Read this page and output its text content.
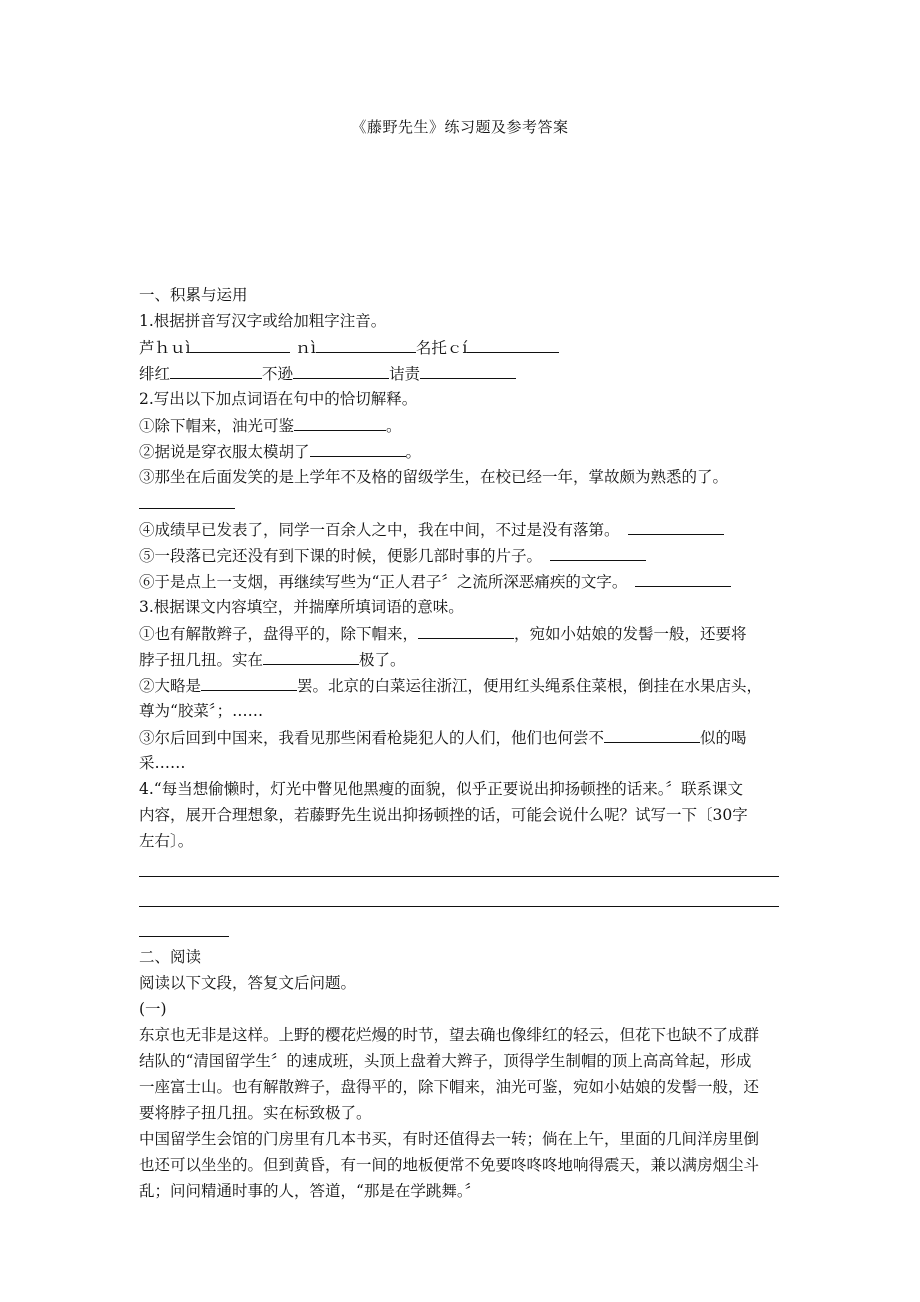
《藤野先生》练习题及参考答案
一、积累与运用
1.根据拼音写汉字或给加粗字注音。
芦ｈｕì	ｎì	名托ｃí
绯红	不逊	诘责
2.写出以下加点词语在句中的恰切解释。
①除下帽来，油光可鉴	。
②据说是穿衣服太模胡了	。
③那坐在后面发笑的是上学年不及格的留级学生，在校已经一年，掌故颇为熟悉的了。
④成绩早已发表了，同学一百余人之中，我在中间，不过是没有落第。
⑤一段落已完还没有到下课的时候，便影几部时事的片子。
⑥于是点上一支烟，再继续写些为“正人君子〞之流所深恶痛疾的文字。
3.根据课文内容填空，并揣摩所填词语的意味。
①也有解散辫子，盘得平的，除下帽来，	，宛如小姑娘的发髻一般，还要将
脖子扭几扭。实在	极了。
②大略是	罢。北京的白菜运往浙江，便用红头绳系住菜根，倒挂在水果店头，
尊为“胶菜〞；……
③尔后回到中国来，我看见那些闲看枪毙犯人的人们，他们也何尝不	似的喝
采……
4.“每当想偷懒时，灯光中瞥见他黑瘦的面貌，似乎正要说出抑扬顿挫的话来。〞联系课文
内容，展开合理想象，若藤野先生说出抑扬顿挫的话，可能会说什么呢？试写一下〔30字
左右〕。
二、阅读
阅读以下文段，答复文后问题。
(一)
东京也无非是这样。上野的樱花烂熳的时节，望去确也像绯红的轻云，但花下也缺不了成群
结队的“清国留学生〞的速成班，头顶上盘着大辫子，顶得学生制帽的顶上高高耸起，形成
一座富士山。也有解散辫子，盘得平的，除下帽来，油光可鉴，宛如小姑娘的发髻一般，还
要将脖子扭几扭。实在标致极了。
中国留学生会馆的门房里有几本书买，有时还值得去一转；倘在上午，里面的几间洋房里倒
也还可以坐坐的。但到黄昏，有一间的地板便常不免要咚咚咚地响得震天，兼以满房烟尘斗
乱；问问精通时事的人，答道，“那是在学跳舞。〞
